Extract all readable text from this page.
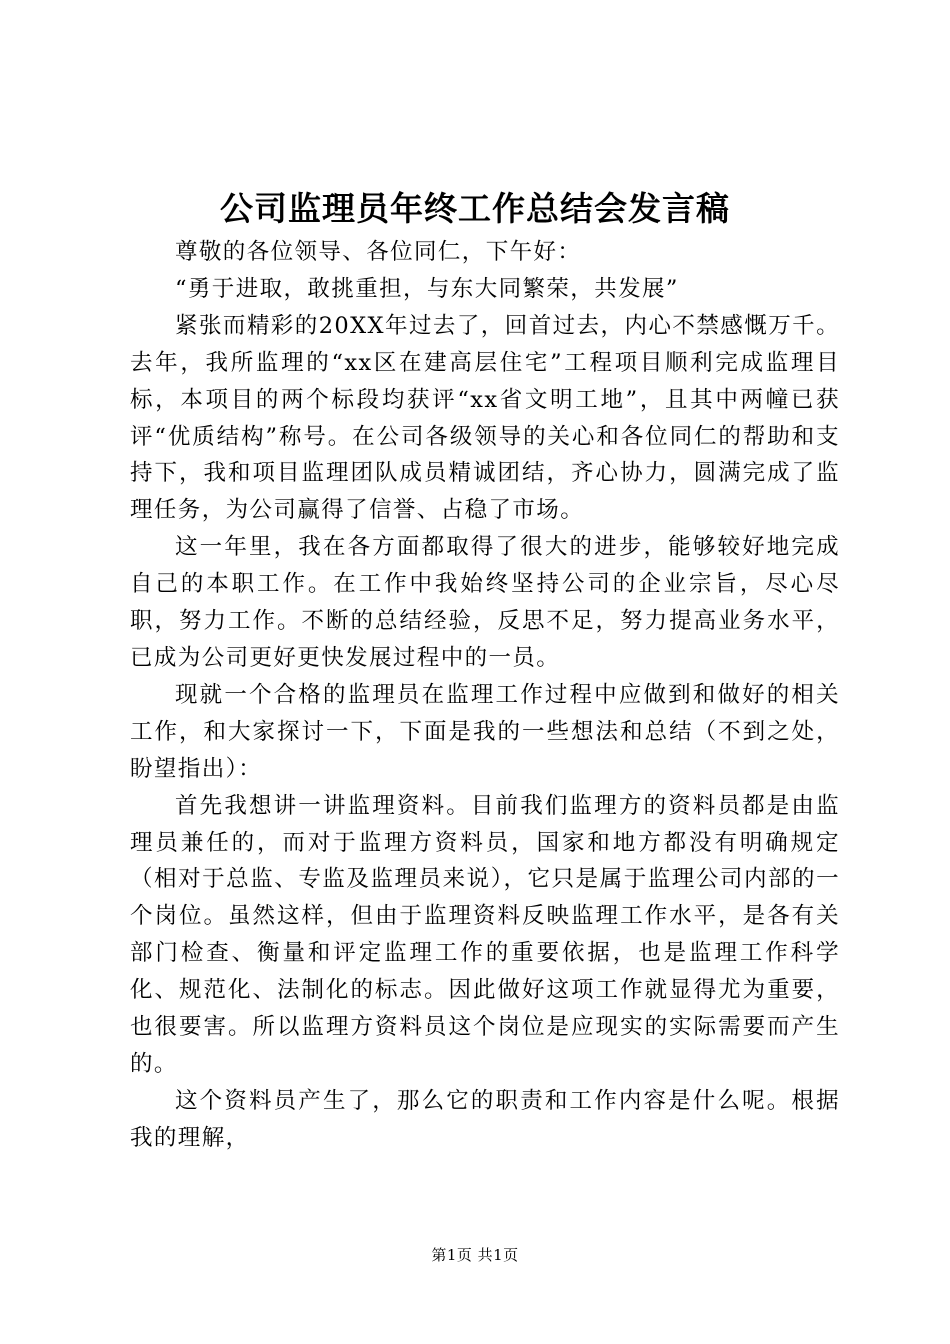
公司监理员年终工作总结会发言稿

尊敬的各位领导、各位同仁，下午好：

“勇于进取，敢挑重担，与东大同繁荣，共发展”

紧张而精彩的20XX年过去了，回首过去，内心不禁感慨万千。去年，我所监理的“xx区在建高层住宅”工程项目顺利完成监理目标，本项目的两个标段均获评“xx省文明工地”，且其中两幢已获评“优质结构”称号。在公司各级领导的关心和各位同仁的帮助和支持下，我和项目监理团队成员精诚团结，齐心协力，圆满完成了监理任务，为公司赢得了信誉、占稳了市场。

这一年里，我在各方面都取得了很大的进步，能够较好地完成自己的本职工作。在工作中我始终坚持公司的企业宗旨，尽心尽职，努力工作。不断的总结经验，反思不足，努力提高业务水平，已成为公司更好更快发展过程中的一员。

现就一个合格的监理员在监理工作过程中应做到和做好的相关工作，和大家探讨一下，下面是我的一些想法和总结（不到之处，盼望指出）：

首先我想讲一讲监理资料。目前我们监理方的资料员都是由监理员兼任的，而对于监理方资料员，国家和地方都没有明确规定（相对于总监、专监及监理员来说），它只是属于监理公司内部的一个岗位。虽然这样，但由于监理资料反映监理工作水平，是各有关部门检查、衡量和评定监理工作的重要依据，也是监理工作科学化、规范化、法制化的标志。因此做好这项工作就显得尤为重要，也很要害。所以监理方资料员这个岗位是应现实的实际需要而产生的。

这个资料员产生了，那么它的职责和工作内容是什么呢。根据我的理解，

第1页 共1页
